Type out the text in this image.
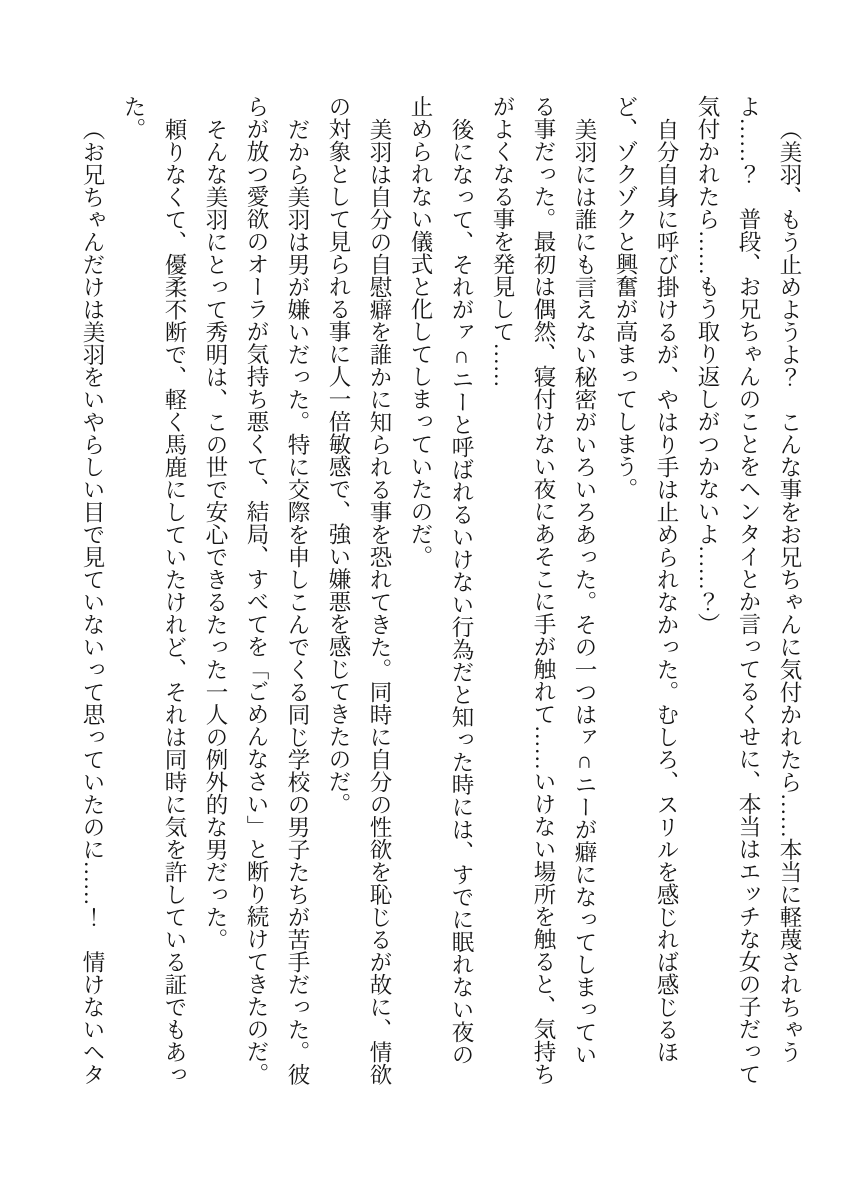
（美羽、もう止めようよ？　こんな事をお兄ちゃんに気付かれたら……本当に軽蔑されちゃうよ……？　普段、お兄ちゃんのことをヘンタイとか言ってるくせに、本当はエッチな女の子だって気付かれたら……もう取り返しがつかないよ……？）

自分自身に呼び掛けるが、やはり手は止められなかった。むしろ、スリルを感じれば感じるほど、ゾクゾクと興奮が高まってしまう。

美羽には誰にも言えない秘密がいろいろあった。その一つはァ∩ニーが癖になってしまっている事だった。最初は偶然、寝付けない夜にあそこに手が触れて……いけない場所を触ると、気持ちがよくなる事を発見して……

後になって、それがァ∩ニーと呼ばれるいけない行為だと知った時には、すでに眠れない夜の止められない儀式と化してしまっていたのだ。

美羽は自分の自慰癖を誰かに知られる事を恐れてきた。同時に自分の性欲を恥じるが故に、情欲の対象として見られる事に人一倍敏感で、強い嫌悪を感じてきたのだ。

だから美羽は男が嫌いだった。特に交際を申しこんでくる同じ学校の男子たちが苦手だった。彼らが放つ愛欲のオーラが気持ち悪くて、結局、すべてを「ごめんなさい」と断り続けてきたのだ。

そんな美羽にとって秀明は、この世で安心できるたった一人の例外的な男だった。

頼りなくて、優柔不断で、軽く馬鹿にしていたけれど、それは同時に気を許している証でもあった。

（お兄ちゃんだけは美羽をいやらしい目で見ていないって思っていたのに……！　情けないヘタ
